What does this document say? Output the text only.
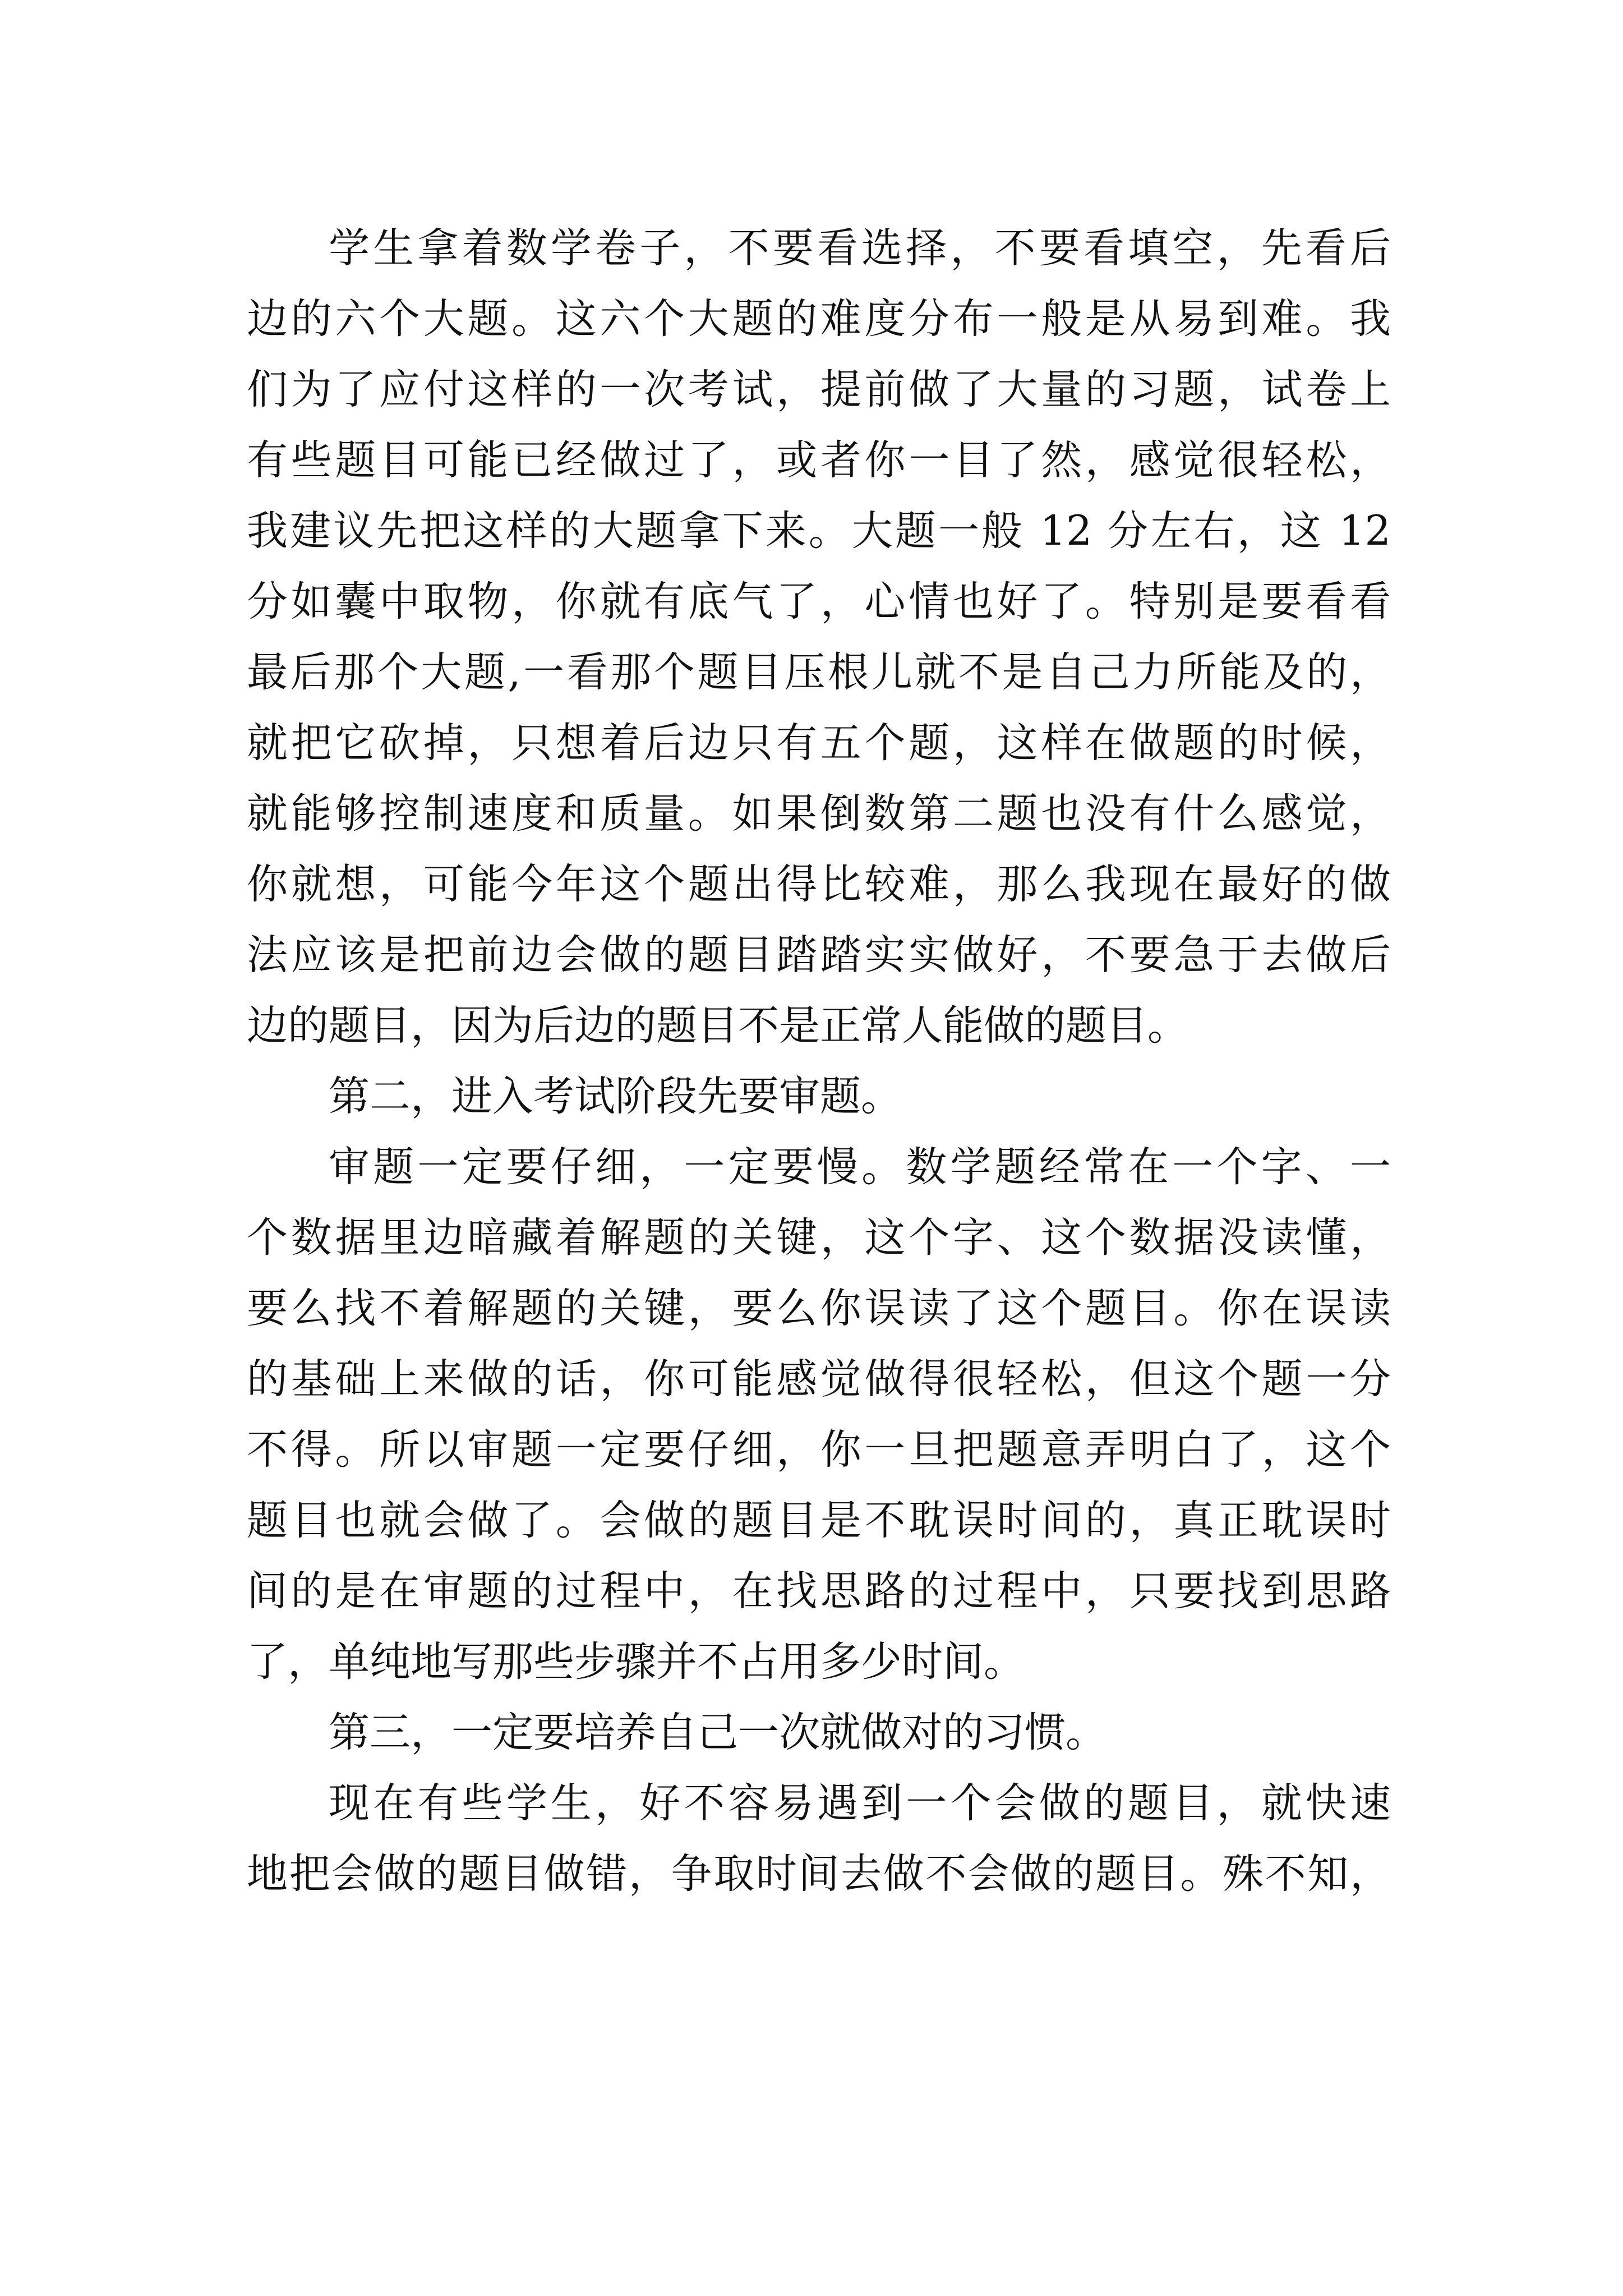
学生拿着数学卷子，不要看选择，不要看填空，先看后
边的六个大题。这六个大题的难度分布一般是从易到难。我
们为了应付这样的一次考试，提前做了大量的习题，试卷上
有些题目可能已经做过了，或者你一目了然，感觉很轻松，
我建议先把这样的大题拿下来。大题一般 12 分左右，这 12
分如囊中取物，你就有底气了，心情也好了。特别是要看看
最后那个大题,一看那个题目压根儿就不是自己力所能及的，
就把它砍掉，只想着后边只有五个题，这样在做题的时候，
就能够控制速度和质量。如果倒数第二题也没有什么感觉，
你就想，可能今年这个题出得比较难，那么我现在最好的做
法应该是把前边会做的题目踏踏实实做好，不要急于去做后
边的题目，因为后边的题目不是正常人能做的题目。
第二，进入考试阶段先要审题。
审题一定要仔细，一定要慢。数学题经常在一个字、一
个数据里边暗藏着解题的关键，这个字、这个数据没读懂，
要么找不着解题的关键，要么你误读了这个题目。你在误读
的基础上来做的话，你可能感觉做得很轻松，但这个题一分
不得。所以审题一定要仔细，你一旦把题意弄明白了，这个
题目也就会做了。会做的题目是不耽误时间的，真正耽误时
间的是在审题的过程中，在找思路的过程中，只要找到思路
了，单纯地写那些步骤并不占用多少时间。
第三，一定要培养自己一次就做对的习惯。
现在有些学生，好不容易遇到一个会做的题目，就快速
地把会做的题目做错，争取时间去做不会做的题目。殊不知，
